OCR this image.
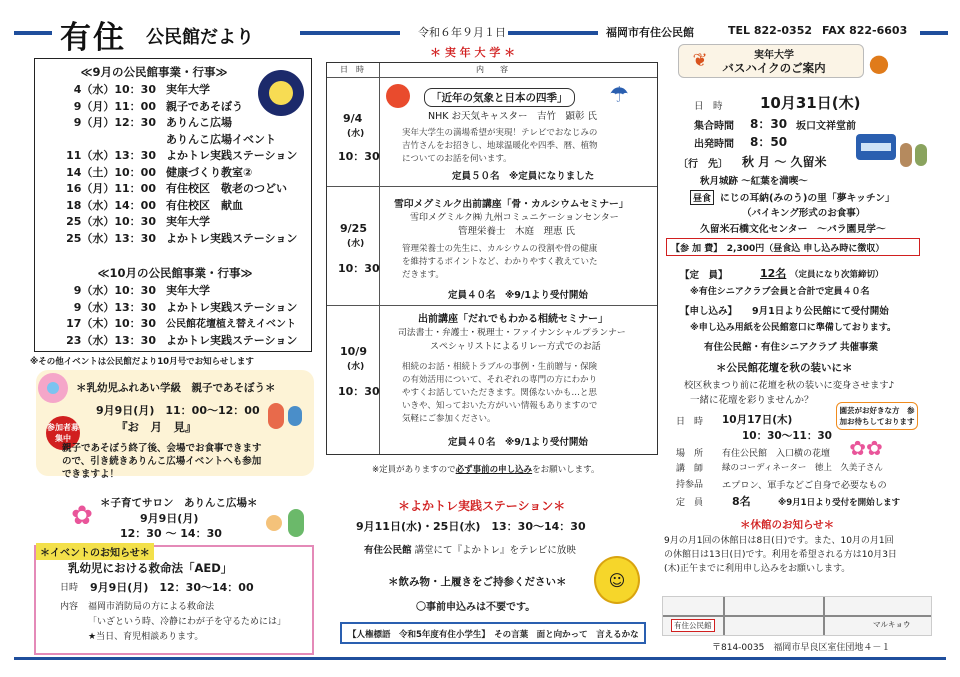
有住 公民館だより	令和６年９月１日	福岡市有住公民館	TEL 822-0352 FAX 822-6603
≪9月の公民館事業・行事≫
4（水）10：30 実年大学
9（月）11：00 親子であそぼう
9（月）12：30 ありんこ広場
ありんこ広場イベント
11（水）13：30 よかトレ実践ステーション
14（土）10：00 健康づくり教室②
16（月）11：00 有住校区　敬老のつどい
18（水）14：00 有住校区　献血
25（水）10：30 実年大学
25（水）13：30 よかトレ実践ステーション
≪10月の公民館事業・行事≫
9（水）10：30 実年大学
9（水）13：30 よかトレ実践ステーション
17（木）10：30	公民館花壇植え替えイベント
23（水）13：30 よかトレ実践ステーション
※その他イベントは公民館だより10月号でお知らせします
＊乳幼児ふれあい学級　親子であそぼう＊
9月9日(月)　11：00～12：00
『お　月　見』
参加者募集中
親子であそぼう終了後、会場でお食事できます
ので、引き続きありんこ広場イベントへも参加
できますよ！
＊子育てサロン　ありんこ広場＊
✿	9月9日(月)
12：30 ～ 14：30
＊イベントのお知らせ＊
乳幼児における救命法「AED」
日時 9月9日(月)　12：30～14：00
内容 福岡市消防局の方による救命法
「いざという時、冷静にわが子を守るためには」
★当日、育児相談あります。
＊ 実 年 大 学 ＊
日　時	内　　容
9/4
(水)
10：30
「近年の気象と日本の四季」	☂
NHK お天気キャスター　吉竹　顕彰 氏
実年大学生の満場希望が実現！テレビでおなじみの
吉竹さんをお招きし、地球温暖化や四季、暦、植物
についてのお話を伺います。
定員５０名　※定員になりました
9/25
(水)
10：30
雪印メグミルク出前講座「骨・カルシウムセミナー」
雪印メグミルク㈱ 九州コミュニケーションセンター
管理栄養士　木庭　理恵 氏
管理栄養士の先生に、カルシウムの役割や骨の健康
を維持するポイントなど、わかりやすく教えていた
だきます。
定員４０名　※9/1より受付開始
10/9
(水)
10：30
出前講座「だれでもわかる相続セミナー」
司法書士・弁護士・税理士・ファイナンシャルプランナー
スペシャリストによるリレー方式でのお話
相続のお話・相続トラブルの事例・生前贈与・保険
の有効活用について、それぞれの専門の方にわかり
やすくお話していただきます。関係ないかも…と思
いきや、知っておいた方がいい情報もありますので
気軽にご参加ください。
定員４０名　※9/1より受付開始
※定員がありますので必ず事前の申し込みをお願いします。
＊よかトレ実践ステーション＊
9月11日(水)・25日(水)　13：30～14：30
有住公民館 講堂にて『よかトレ』をテレビに放映
＊飲み物・上履きをご持参ください＊
〇事前申込みは不要です。
☺
【人権標語　令和5年度有住小学生】　その言葉　面と向かって　言えるかな
❦	実年大学
バスハイクのご案内	●
日　時 10月31日(木)
集合時間 8：30 坂口文祥堂前
出発時間 8：50
〔行　先〕 秋 月 ～ 久留米
秋月城跡 ～紅葉を満喫～
昼食 にじの耳納(みのう)の里「夢キッチン」
（バイキング形式のお食事）
久留米石橋文化センター　～バラ園見学～
【参 加 費】　2,300円（昼食込 申し込み時に徴収）
【定　員】	12名 （定員になり次第締切）
※有住シニアクラブ会員と合計で定員４０名
【申し込み】 9月1日より公民館にて受付開始
※申し込み用紙を公民館窓口に準備しております。
有住公民館・有住シニアクラブ 共催事業
＊公民館花壇を秋の装いに＊
校区秋まつり前に花壇を秋の装いに変身させます♪
一緒に花壇を彩りませんか？
園芸がお好きな方　参加お待ちしております
✿✿
日　時 10月17日(木)
10：30～11：30
場　所 有住公民館　入口横の花壇
講　師 緑のコーディネーター　徳上　久美子さん
持参品 エプロン、軍手などご自身で必要なもの
定　員	8名	※9月1日より受付を開始します
＊休館のお知らせ＊
9月の月1回の休館日は8日(日)です。また、10月の月1回
の休館日は13日(日)です。利用を希望される方は10月3日
(木)正午までに利用申し込みをお願いします。
有住公民館	マルキョウ
〒814-0035　福岡市早良区室住団地４－１
